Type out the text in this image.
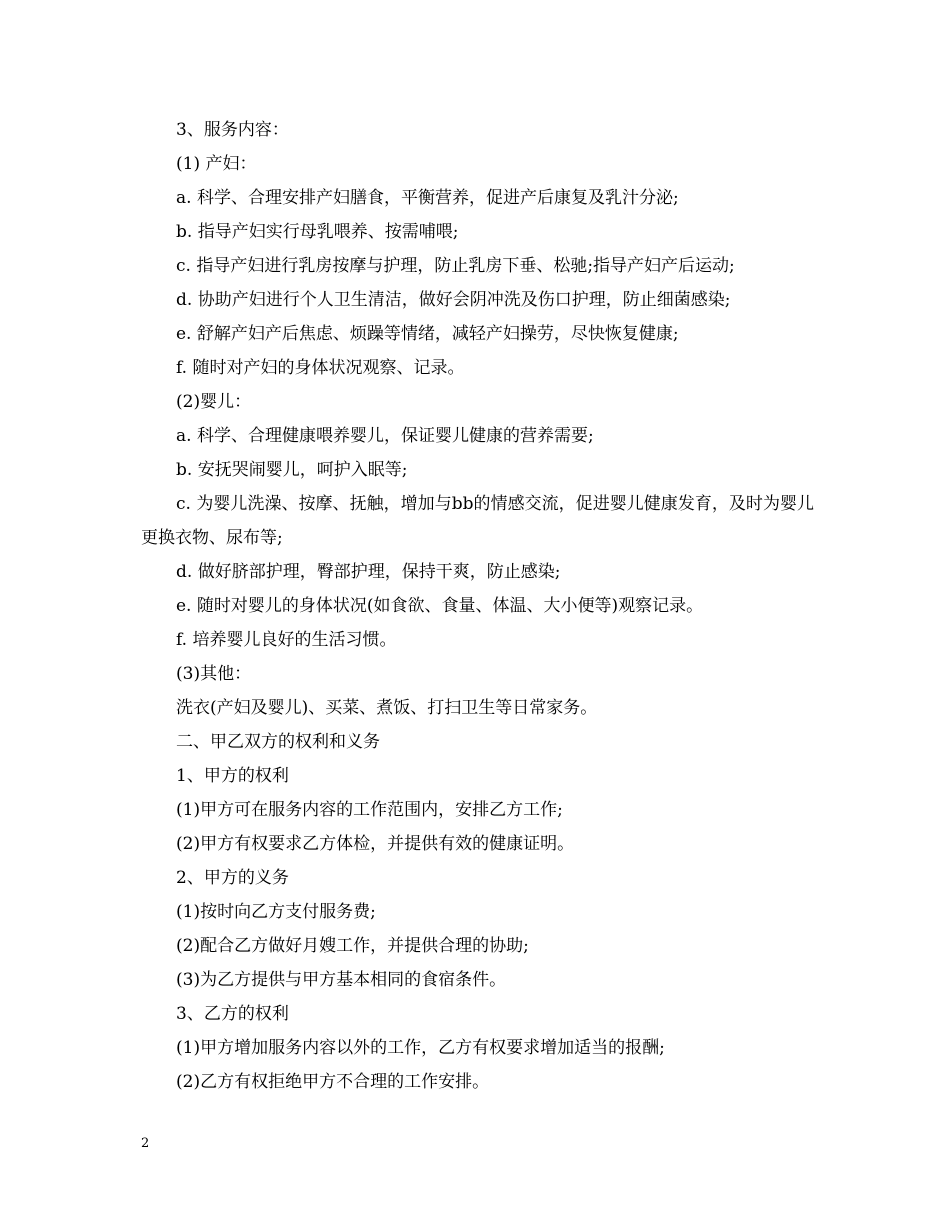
3、服务内容：
(1) 产妇：
a. 科学、合理安排产妇膳食，平衡营养，促进产后康复及乳汁分泌;
b. 指导产妇实行母乳喂养、按需哺喂;
c. 指导产妇进行乳房按摩与护理，防止乳房下垂、松驰;指导产妇产后运动;
d. 协助产妇进行个人卫生清洁，做好会阴冲洗及伤口护理，防止细菌感染;
e. 舒解产妇产后焦虑、烦躁等情绪，减轻产妇操劳，尽快恢复健康;
f. 随时对产妇的身体状况观察、记录。
(2)婴儿：
a. 科学、合理健康喂养婴儿，保证婴儿健康的营养需要;
b. 安抚哭闹婴儿，呵护入眠等;
c. 为婴儿洗澡、按摩、抚触，增加与bb的情感交流，促进婴儿健康发育，及时为婴儿更换衣物、尿布等;
d. 做好脐部护理，臀部护理，保持干爽，防止感染;
e. 随时对婴儿的身体状况(如食欲、食量、体温、大小便等)观察记录。
f. 培养婴儿良好的生活习惯。
(3)其他：
洗衣(产妇及婴儿)、买菜、煮饭、打扫卫生等日常家务。
二、甲乙双方的权利和义务
1、甲方的权利
(1)甲方可在服务内容的工作范围内，安排乙方工作;
(2)甲方有权要求乙方体检，并提供有效的健康证明。
2、甲方的义务
(1)按时向乙方支付服务费;
(2)配合乙方做好月嫂工作，并提供合理的协助;
(3)为乙方提供与甲方基本相同的食宿条件。
3、乙方的权利
(1)甲方增加服务内容以外的工作，乙方有权要求增加适当的报酬;
(2)乙方有权拒绝甲方不合理的工作安排。
2
